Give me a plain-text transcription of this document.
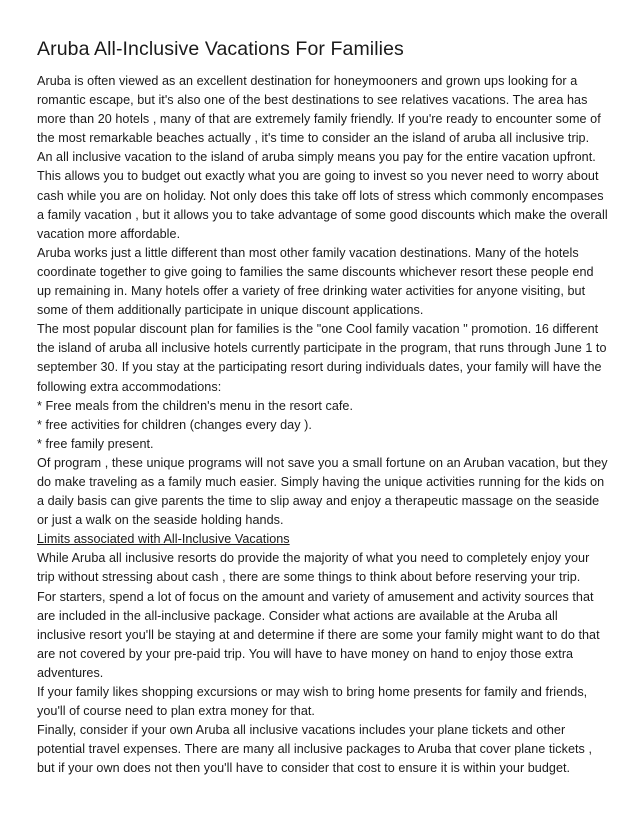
Aruba All-Inclusive Vacations For Families
Aruba is often viewed as an excellent destination for honeymooners and grown ups looking for a
romantic escape, but it's also one of the best destinations to see relatives vacations. The area has
more than 20 hotels , many of that are extremely family friendly. If you're ready to encounter some of
the most remarkable beaches actually , it's time to consider an the island of aruba all inclusive trip.
An all inclusive vacation to the island of aruba simply means you pay for the entire vacation upfront.
This allows you to budget out exactly what you are going to invest so you never need to worry about
cash while you are on holiday. Not only does this take off lots of stress which commonly encompases
a family vacation , but it allows you to take advantage of some good discounts which make the overall
vacation more affordable.
Aruba works just a little different than most other family vacation destinations. Many of the hotels
coordinate together to give going to families the same discounts whichever resort these people end
up remaining in. Many hotels offer a variety of free drinking water activities for anyone visiting, but
some of them additionally participate in unique discount applications.
The most popular discount plan for families is the "one Cool family vacation " promotion. 16 different
the island of aruba all inclusive hotels currently participate in the program, that runs through June 1 to
september 30. If you stay at the participating resort during individuals dates, your family will have the
following extra accommodations:
* Free meals from the children's menu in the resort cafe.
* free activities for children (changes every day ).
* free family present.
Of program , these unique programs will not save you a small fortune on an Aruban vacation, but they
do make traveling as a family much easier. Simply having the unique activities running for the kids on
a daily basis can give parents the time to slip away and enjoy a therapeutic massage on the seaside
or just a walk on the seaside holding hands.
Limits associated with All-Inclusive Vacations
While Aruba all inclusive resorts do provide the majority of what you need to completely enjoy your
trip without stressing about cash , there are some things to think about before reserving your trip.
For starters, spend a lot of focus on the amount and variety of amusement and activity sources that
are included in the all-inclusive package. Consider what actions are available at the Aruba all
inclusive resort you'll be staying at and determine if there are some your family might want to do that
are not covered by your pre-paid trip. You will have to have money on hand to enjoy those extra
adventures.
If your family likes shopping excursions or may wish to bring home presents for family and friends,
you'll of course need to plan extra money for that.
Finally, consider if your own Aruba all inclusive vacations includes your plane tickets and other
potential travel expenses. There are many all inclusive packages to Aruba that cover plane tickets ,
but if your own does not then you'll have to consider that cost to ensure it is within your budget.
